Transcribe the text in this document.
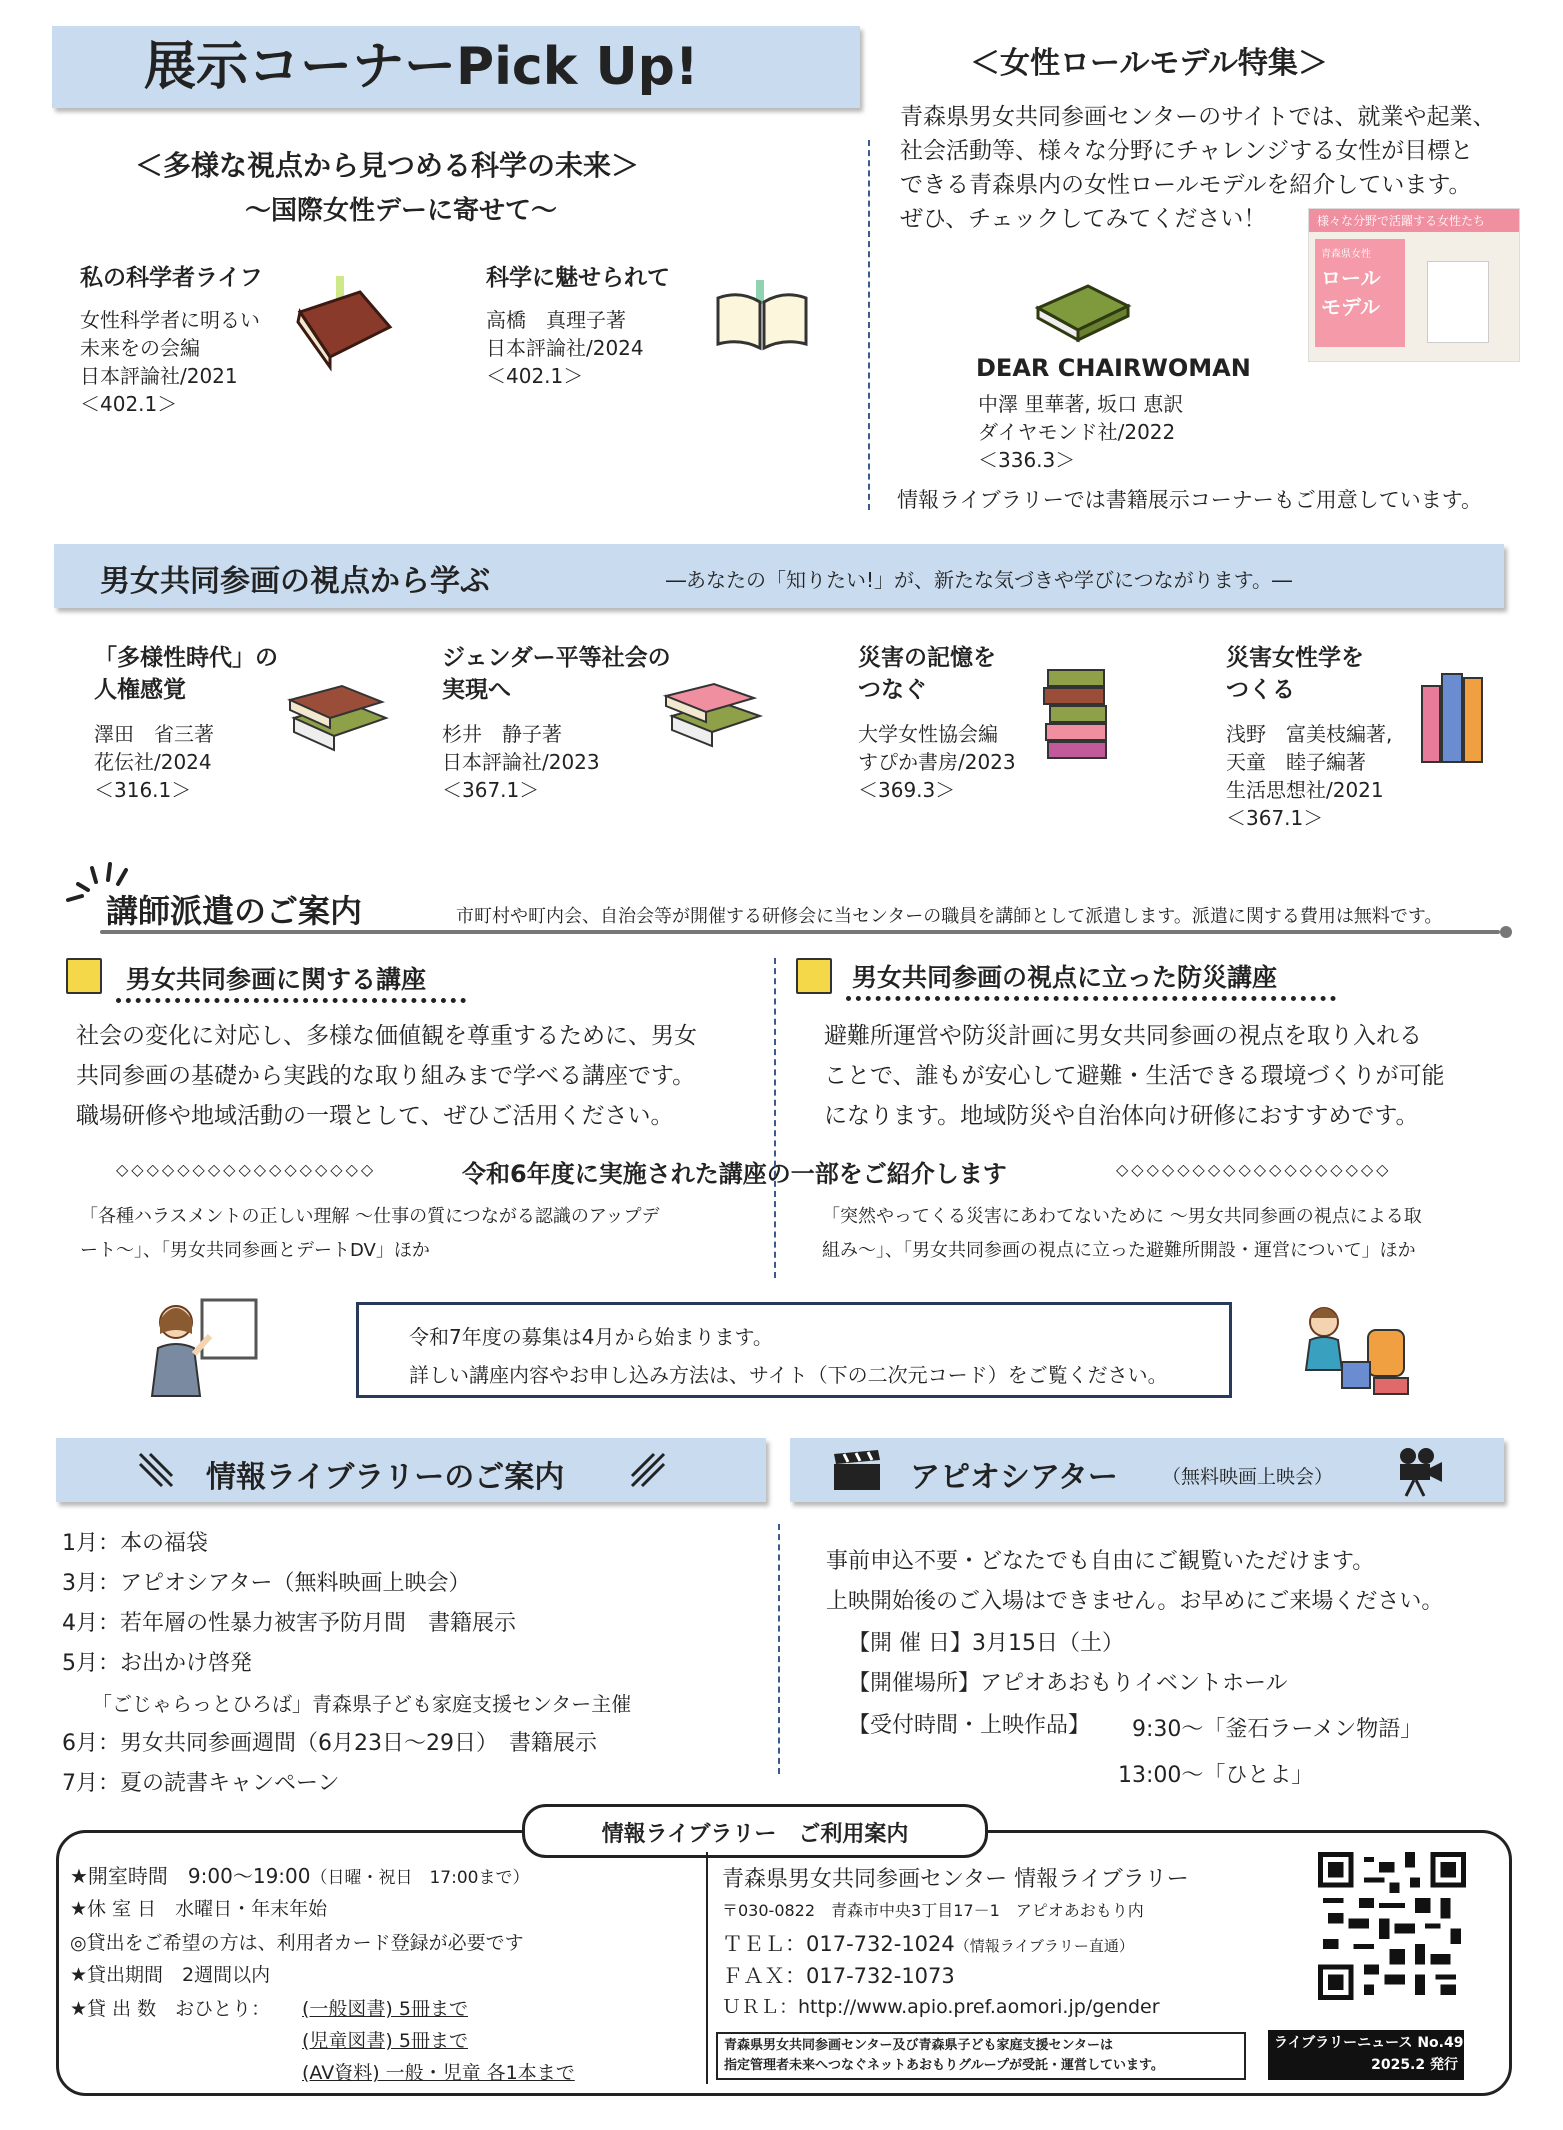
展示コーナーPick Up!
＜多様な視点から見つめる科学の未来＞
～国際女性デーに寄せて～
私の科学者ライフ
女性科学者に明るい
未来をの会編
日本評論社/2021
＜402.1＞
科学に魅せられて
高橋　真理子著
日本評論社/2024
＜402.1＞
＜女性ロールモデル特集＞
青森県男女共同参画センターのサイトでは、就業や起業、
社会活動等、様々な分野にチャレンジする女性が目標と
できる青森県内の女性ロールモデルを紹介しています。
ぜひ、チェックしてみてください！	様々な分野で活躍する女性たち
青森県女性
ロール
モデル
DEAR CHAIRWOMAN
中澤 里華著, 坂口 恵訳
ダイヤモンド社/2022
＜336.3＞
情報ライブラリーでは書籍展示コーナーもご用意しています。
男女共同参画の視点から学ぶ	―あなたの「知りたい!」が、新たな気づきや学びにつながります。―
「多様性時代」の
人権感覚
澤田　省三著
花伝社/2024
＜316.1＞
ジェンダー平等社会の
実現へ
杉井　静子著
日本評論社/2023
＜367.1＞
災害の記憶を
つなぐ
大学女性協会編
すぴか書房/2023
＜369.3＞
災害女性学を
つくる
浅野　富美枝編著,
天童　睦子編著
生活思想社/2021
＜367.1＞
講師派遣のご案内	市町村や町内会、自治会等が開催する研修会に当センターの職員を講師として派遣します。派遣に関する費用は無料です。
男女共同参画に関する講座
社会の変化に対応し、多様な価値観を尊重するために、男女
共同参画の基礎から実践的な取り組みまで学べる講座です。
職場研修や地域活動の一環として、ぜひご活用ください。
男女共同参画の視点に立った防災講座
避難所運営や防災計画に男女共同参画の視点を取り入れる
ことで、誰もが安心して避難・生活できる環境づくりが可能
になります。地域防災や自治体向け研修におすすめです。
◇◇◇◇◇◇◇◇◇◇◇◇◇◇◇◇◇	令和6年度に実施された講座の一部をご紹介します	◇◇◇◇◇◇◇◇◇◇◇◇◇◇◇◇◇◇
「各種ハラスメントの正しい理解 ～仕事の質につながる認識のアップデ
ート～」、「男女共同参画とデートDV」ほか
「突然やってくる災害にあわてないために ～男女共同参画の視点による取
組み～」、「男女共同参画の視点に立った避難所開設・運営について」ほか
令和7年度の募集は4月から始まります。
詳しい講座内容やお申し込み方法は、サイト（下の二次元コード）をご覧ください。
情報ライブラリーのご案内
1月：本の福袋
3月：アピオシアター（無料映画上映会）
4月：若年層の性暴力被害予防月間　書籍展示
5月：お出かけ啓発
　　「ごじゃらっとひろば」青森県子ども家庭支援センター主催
6月：男女共同参画週間（6月23日～29日）　書籍展示
7月：夏の読書キャンペーン
アピオシアター （無料映画上映会）
事前申込不要・どなたでも自由にご観覧いただけます。
上映開始後のご入場はできません。お早めにご来場ください。
【開 催 日】3月15日（土）
【開催場所】アピオあおもりイベントホール
【受付時間・上映作品】 9:30～「釜石ラーメン物語」
13:00～「ひとよ」
情報ライブラリー　ご利用案内
★開室時間　9:00～19:00（日曜・祝日　17:00まで）
★休 室 日　水曜日・年末年始
◎貸出をご希望の方は、利用者カード登録が必要です
★貸出期間　2週間以内
★貸 出 数　おひとり： (一般図書) 5冊まで
(児童図書) 5冊まで
(AV資料) 一般・児童 各1本まで
青森県男女共同参画センター 情報ライブラリー
〒030-0822　青森市中央3丁目17－1　アピオあおもり内
ＴＥＬ：017-732-1024（情報ライブラリー直通）
ＦＡＸ：017-732-1073
ＵＲＬ：http://www.apio.pref.aomori.jp/gender
青森県男女共同参画センター及び青森県子ども家庭支援センターは
指定管理者未来へつなぐネットあおもりグループが受託・運営しています。
ライブラリーニュース No.49
2025.2 発行
